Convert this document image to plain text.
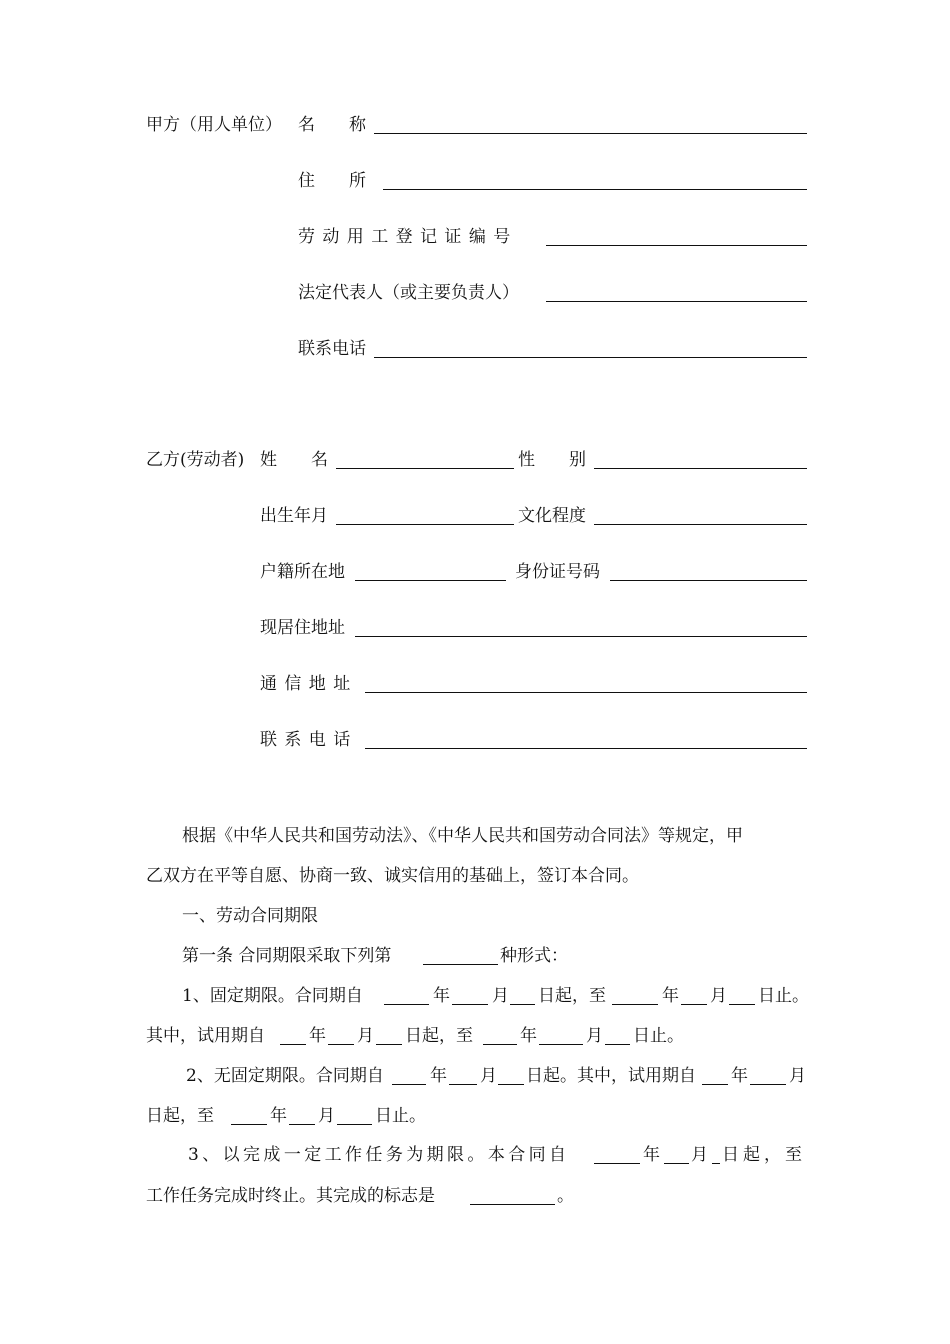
甲方（用人单位） 名　　称
住　　所
劳 动 用 工 登 记 证 编 号
法定代表人（或主要负责人）
联系电话
乙方(劳动者) 姓　　名	性　　别
出生年月	文化程度
户籍所在地	身份证号码
现居住地址
通 信 地 址
联 系 电 话
根据《中华人民共和国劳动法》、《中华人民共和国劳动合同法》等规定，甲
乙双方在平等自愿、协商一致、诚实信用的基础上，签订本合同。
一、劳动合同期限
第一条 合同期限采取下列第	种形式：
1、固定期限。合同期自	年 月 日起，至	年 月 日止。
其中，试用期自	年 月 日起，至	年	月 日止。
2、无固定期限。合同期自	年 月 日起。其中，试用期自 年 月
日起，至	年 月 日止。
3、以完成一定工作任务为期限。本合同自	年 月 日起，至
工作任务完成时终止。其完成的标志是	。
